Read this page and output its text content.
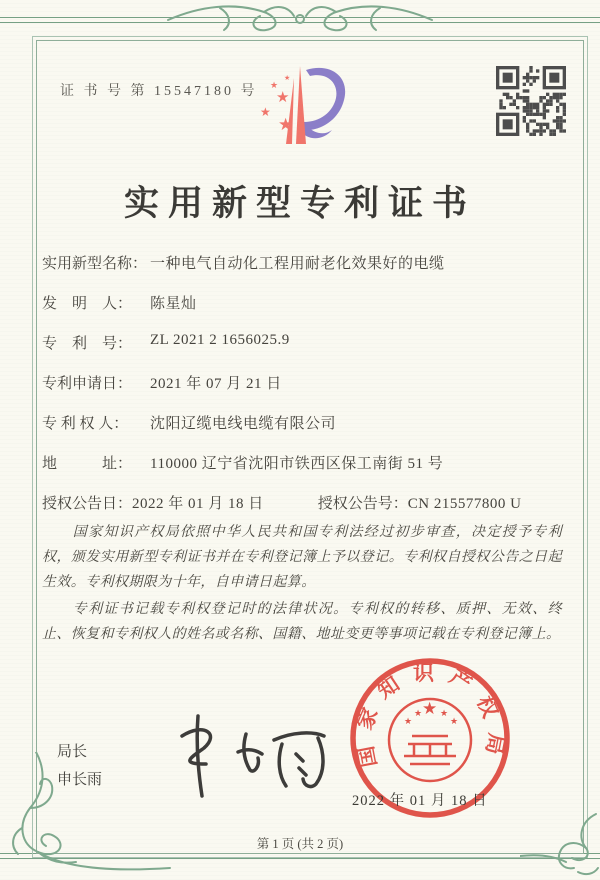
证 书 号 第 15547180 号 ★
★
★
★
★
实用新型专利证书
实用新型名称： 一种电气自动化工程用耐老化效果好的电缆
发　明　人：	陈星灿
专　利　号：	ZL 2021 2 1656025.9
专利申请日：	2021 年 07 月 21 日
专 利 权 人：	沈阳辽缆电线电缆有限公司
地　　　址：	110000 辽宁省沈阳市铁西区保工南街 51 号
授权公告日：2022 年 01 月 18 日	授权公告号：CN 215577800 U

国家知识产权局依照中华人民共和国专利法经过初步审查，决定授予专利权，颁发实用新型专利证书并在专利登记簿上予以登记。专利权自授权公告之日起生效。专利权期限为十年，自申请日起算。

专利证书记载专利权登记时的法律状况。专利权的转移、质押、无效、终止、恢复和专利权人的姓名或名称、国籍、地址变更等事项记载在专利登记簿上。

局长
申长雨
国家知识产权局
★
★
★ ★
★
2022 年 01 月 18 日
第 1 页 (共 2 页)
